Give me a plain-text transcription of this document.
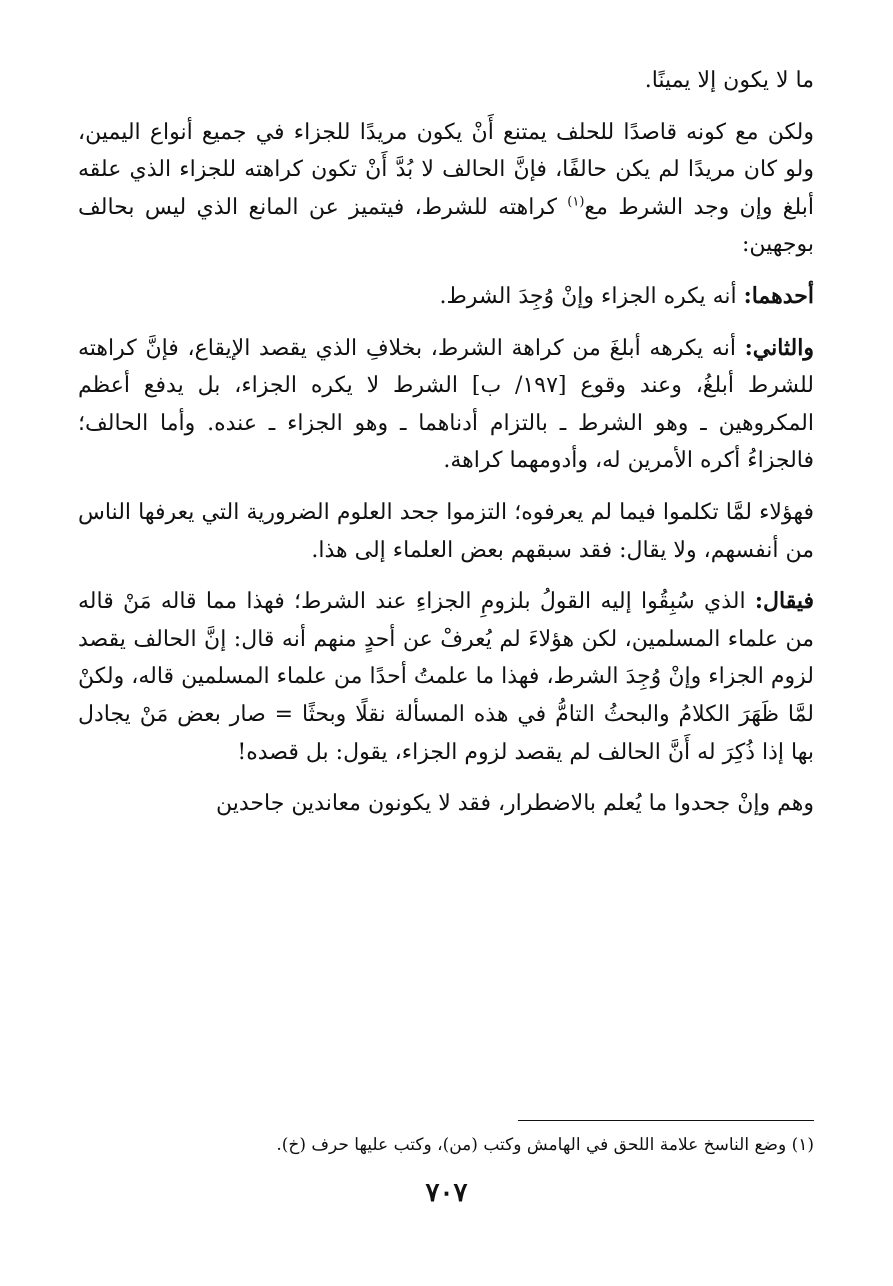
ما لا يكون إلا يمينًا.

ولكن مع كونه قاصدًا للحلف يمتنع أَنْ يكون مريدًا للجزاء في جميع أنواع اليمين، ولو كان مريدًا لم يكن حالفًا، فإنَّ الحالف لا بُدَّ أَنْ تكون كراهته للجزاء الذي علقه أبلغ وإن وجد الشرط مع$^{(١)}$ كراهته للشرط، فيتميز عن المانع الذي ليس بحالف بوجهين:

أحدهما: أنه يكره الجزاء وإنْ وُجِدَ الشرط.

والثاني: أنه يكرهه أبلغَ من كراهة الشرط، بخلافِ الذي يقصد الإيقاع، فإنَّ كراهته للشرط أبلغُ، وعند وقوع [١٩٧/ ب] الشرط لا يكره الجزاء، بل يدفع أعظم المكروهين ـ وهو الشرط ـ بالتزام أدناهما ـ وهو الجزاء ـ عنده. وأما الحالف؛ فالجزاءُ أكره الأمرين له، وأدومهما كراهة.

فهؤلاء لمَّا تكلموا فيما لم يعرفوه؛ التزموا جحد العلوم الضرورية التي يعرفها الناس من أنفسهم، ولا يقال: فقد سبقهم بعض العلماء إلى هذا.

فيقال: الذي سُبِقُوا إليه القولُ بلزومِ الجزاءِ عند الشرط؛ فهذا مما قاله مَنْ قاله من علماء المسلمين، لكن هؤلاءَ لم يُعرفْ عن أحدٍ منهم أنه قال: إنَّ الحالف يقصد لزوم الجزاء وإنْ وُجِدَ الشرط، فهذا ما علمتُ أحدًا من علماء المسلمين قاله، ولكنْ لمَّا ظَهَرَ الكلامُ والبحثُ التامُّ في هذه المسألة نقلًا وبحثًا = صار بعض مَنْ يجادل بها إذا ذُكِرَ له أَنَّ الحالف لم يقصد لزوم الجزاء، يقول: بل قصده!

وهم وإنْ جحدوا ما يُعلم بالاضطرار، فقد لا يكونون معاندين جاحدين

(١) وضع الناسخ علامة اللحق في الهامش وكتب (من)، وكتب عليها حرف (خ).
٧٠٧
